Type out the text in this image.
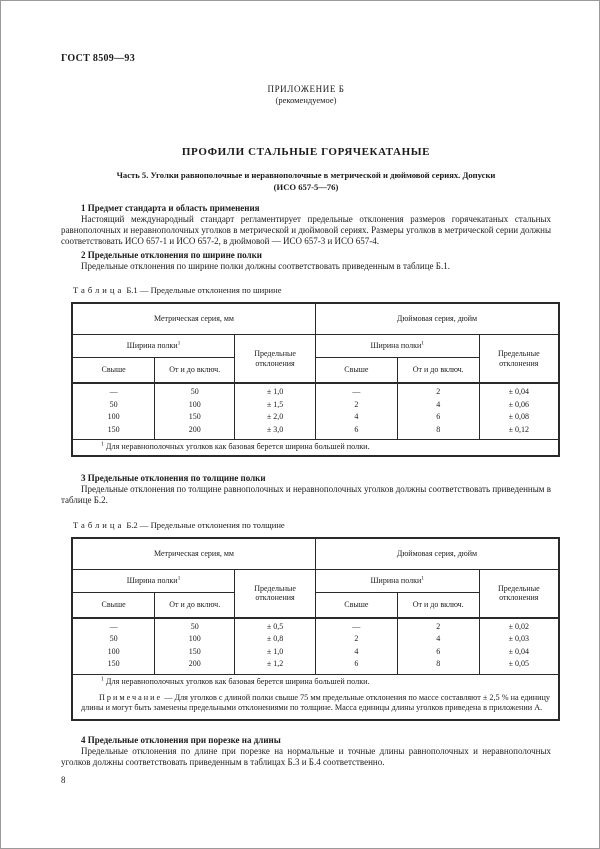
ГОСТ 8509—93

ПРИЛОЖЕНИЕ Б
(рекомендуемое)
ПРОФИЛИ СТАЛЬНЫЕ ГОРЯЧЕКАТАНЫЕ
Часть 5. Уголки равнополочные и неравнополочные в метрической и дюймовой сериях. Допуски
(ИСО 657-5—76)

1 Предмет стандарта и область применения

Настоящий международный стандарт регламентирует предельные отклонения размеров горячекатаных стальных равнополочных и неравнополочных уголков в метрической и дюймовой сериях. Размеры уголков в метрической серии должны соответствовать ИСО 657-1 и ИСО 657-2, в дюймовой — ИСО 657-3 и ИСО 657-4.

2 Предельные отклонения по ширине полки

Предельные отклонения по ширине полки должны соответствовать приведенным в таблице Б.1.

Таблица Б.1 — Предельные отклонения по ширине

Метрическая серия, мм			Дюймовая серия, дюйм		
Ширина полки$^1$		Предельные отклонения	Ширина полки$^1$		Предельные отклонения
Свыше	От и до включ.		Свыше	От и до включ.	
—	50	± 1,0	—	2	± 0,04
50	100	± 1,5	2	4	± 0,06
100	150	± 2,0	4	6	± 0,08
150	200	± 3,0	6	8	± 0,12

$^1$ Для неравнополочных уголков как базовая берется ширина большей полки.					

3 Предельные отклонения по толщине полки

Предельные отклонения по толщине равнополочных и неравнополочных уголков должны соответствовать приведенным в таблице Б.2.

Таблица Б.2 — Предельные отклонения по толщине

Метрическая серия, мм			Дюймовая серия, дюйм		
Ширина полки$^1$		Предельные отклонения	Ширина полки$^1$		Предельные отклонения
Свыше	От и до включ.		Свыше	От и до включ.	
—	50	± 0,5	—	2	± 0,02
50	100	± 0,8	2	4	± 0,03
100	150	± 1,0	4	6	± 0,04
150	200	± 1,2	6	8	± 0,05

$^1$ Для неравнополочных уголков как базовая берется ширина большей полки.

Примечание — Для уголков с длиной полки свыше 75 мм предельные отклонения по массе составляют ± 2,5 % на единицу длины и могут быть заменены предельными отклонениями по толщине. Масса единицы длины уголков приведена в приложении А.					

4 Предельные отклонения при порезке на длины

Предельные отклонения по длине при порезке на нормальные и точные длины равнополочных и неравнополочных уголков должны соответствовать приведенным в таблицах Б.3 и Б.4 соответственно.

8
